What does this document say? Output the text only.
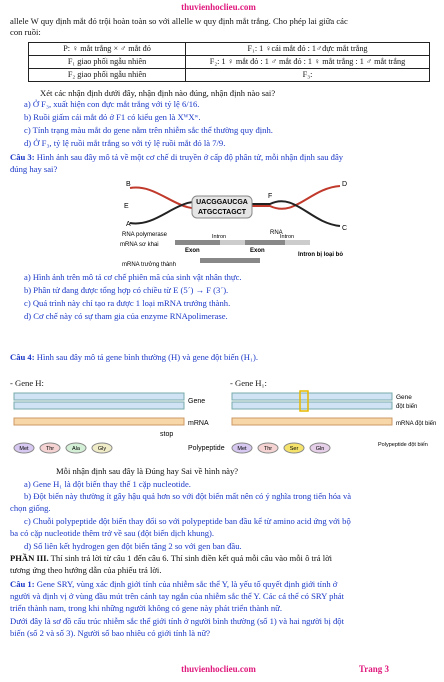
thuvienhoclieu.com

allele W quy định mắt đỏ trội hoàn toàn so với allelle w quy định mắt trắng. Cho phép lai giữa các

con ruồi:

P: ♀ mắt trắng × ♂ mắt đỏ	F₁: 1 ♀cái mắt đỏ : 1♂đực mắt trắng
F₁ giao phối ngẫu nhiên	F₂: 1 ♀ mắt đỏ : 1 ♂ mắt đỏ : 1 ♀ mắt trắng : 1 ♂ mắt trắng
F₂ giao phối ngẫu nhiên	F₃:

Xét các nhận định dưới đây, nhận định nào đúng, nhận định nào sai?

a) Ở F₃, xuất hiện con đực mắt trắng với tỷ lệ 6/16.

b) Ruồi giấm cái mắt đỏ ở F1 có kiểu gen là XᵂXʷ.

c) Tính trạng màu mắt do gene nằm trên nhiễm sắc thể thường quy định.

d) Ở F₃, tỷ lệ ruồi mắt trắng so với tỷ lệ ruồi mắt đỏ là 7/9.

Câu 3: Hình ảnh sau đây mô tả về một cơ chế di truyền ở cấp độ phân tử, mỗi nhận định sau đây

đúng hay sai?

UACGGAUCGA
ATGCCTAGCT
B
E
A
F
D
C
RNA polymerase	RNA
mRNA sơ khai
Intron	Intron
Exon	Exon
Intron bị loại bỏ
mRNA trưởng thành

a) Hình ảnh trên mô tả cơ chế phiên mã của sinh vật nhân thực.

b) Phân tử đang được tổng hợp có chiều từ E (5´) → F (3´).

c) Quá trình này chỉ tạo ra được 1 loại mRNA trưởng thành.

d) Cơ chế này có sự tham gia của enzyme RNApolimerase.

Câu 4: Hình sau đây mô tả gene bình thường (H) và gene đột biến (H₁).

- Gene H:	- Gene H₁:

Gene
mRNA
stop
Met	Thr	Ala	Gly	Polypeptide
Gene
đột biến
mRNA đột biến
Met	Thr	Ser	Gln
Polypeptide đột biến

Mỗi nhận định sau đây là Đúng hay Sai về hình này?

a) Gene H₁ là đột biến thay thế 1 cặp nucleotide.

b) Đột biến này thường ít gây hậu quả hơn so với đột biến mất nên có ý nghĩa trong tiến hóa và

chọn giống.

c) Chuỗi polypeptide đột biến thay đổi so với polypeptide ban đầu kể từ amino acid ứng với bộ

ba có cặp nucleotide thêm trở về sau (đột biến dịch khung).

d) Số liên kết hydrogen gen đột biến tăng 2 so với gen ban đầu.

PHẦN III. Thí sinh trả lời từ câu 1 đến câu 6. Thí sinh điền kết quả mỗi câu vào mỗi ô trả lời

tương ứng theo hướng dẫn của phiếu trả lời.

Câu 1: Gene SRY, vùng xác định giới tính của nhiễm sắc thể Y, là yếu tố quyết định giới tính ở

người và định vị ở vùng đầu mút trên cánh tay ngắn của nhiễm sắc thể Y. Các cá thể có SRY phát

triển thành nam, trong khi những người không có gene này phát triển thành nữ.

Dưới đây là sơ đồ cấu trúc nhiễm sắc thể giới tính ở người bình thường (số 1) và hai người bị đột

biến (số 2 và số 3). Người số bao nhiêu có giới tính là nữ?

thuvienhoclieu.com	Trang 3
